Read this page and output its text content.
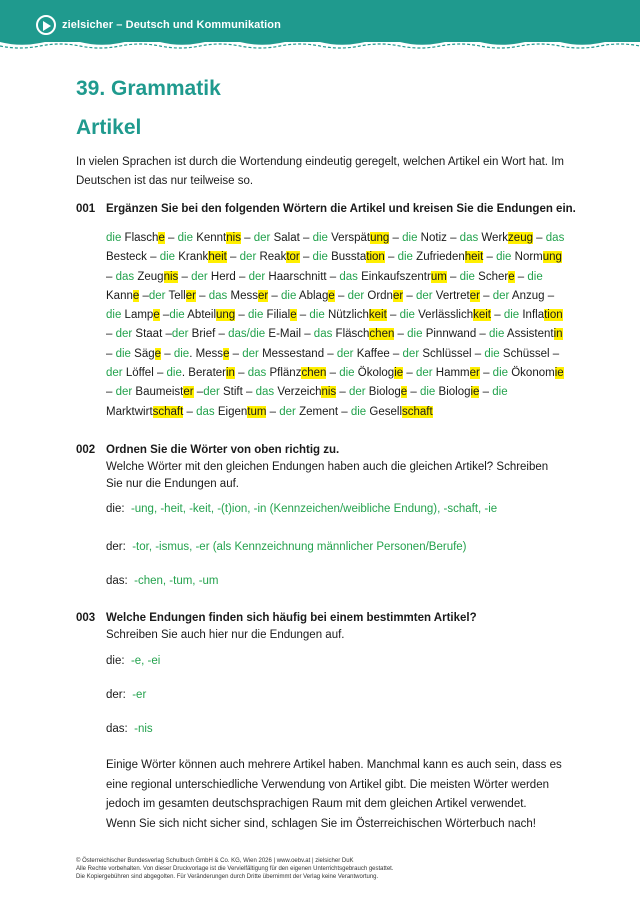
zielsicher – Deutsch und Kommunikation
39. Grammatik
Artikel

In vielen Sprachen ist durch die Wortendung eindeutig geregelt, welchen Artikel ein Wort hat. Im Deutschen ist das nur teilweise so.

001 Ergänzen Sie bei den folgenden Wörtern die Artikel und kreisen Sie die Endungen ein.

die Flasche – die Kenntnis – der Salat – die Verspätung – die Notiz – das Werkzeug – das Besteck – die Krankheit – der Reaktor – die Busstation – die Zufriedenheit – die Normung – das Zeugnis – der Herd – der Haarschnitt – das Einkaufszentrum – die Schere – die Kanne –der Teller – das Messer – die Ablage – der Ordner – der Vertreter – der Anzug – die Lampe –die Abteilung – die Filiale – die Nützlichkeit – die Verlässlichkeit – die Inflation – der Staat –der Brief – das/die E-Mail – das Fläschchen – die Pinnwand – die Assistentin – die Säge – die. Messe – der Messestand – der Kaffee – der Schlüssel – die Schüssel – der Löffel – die. Beraterin – das Pflänzchen – die Ökologie – der Hammer – die Ökonomie – der Baumeister –der Stift – das Verzeichnis – der Biologe – die Biologie – die Marktwirtschaft – das Eigentum – der Zement – die Gesellschaft

002 Ordnen Sie die Wörter von oben richtig zu.
Welche Wörter mit den gleichen Endungen haben auch die gleichen Artikel? Schreiben
Sie nur die Endungen auf.
die: -ung, -heit, -keit, -(t)ion, -in (Kennzeichen/weibliche Endung), -schaft, -ie
der: -tor, -ismus, -er (als Kennzeichnung männlicher Personen/Berufe)
das: -chen, -tum, -um
003 Welche Endungen finden sich häufig bei einem bestimmten Artikel?
Schreiben Sie auch hier nur die Endungen auf.
die: -e, -ei
der: -er
das: -nis

Einige Wörter können auch mehrere Artikel haben. Manchmal kann es auch sein, dass es eine regional unterschiedliche Verwendung von Artikel gibt. Die meisten Wörter werden jedoch im gesamten deutschsprachigen Raum mit dem gleichen Artikel verwendet.

Wenn Sie sich nicht sicher sind, schlagen Sie im Österreichischen Wörterbuch nach!

© Österreichischer Bundesverlag Schulbuch GmbH & Co. KG, Wien 2026 | www.oebv.at | zielsicher DuK
Alle Rechte vorbehalten. Von dieser Druckvorlage ist die Vervielfältigung für den eigenen Unterrichtsgebrauch gestattet.
Die Kopiergebühren sind abgegolten. Für Veränderungen durch Dritte übernimmt der Verlag keine Verantwortung.
